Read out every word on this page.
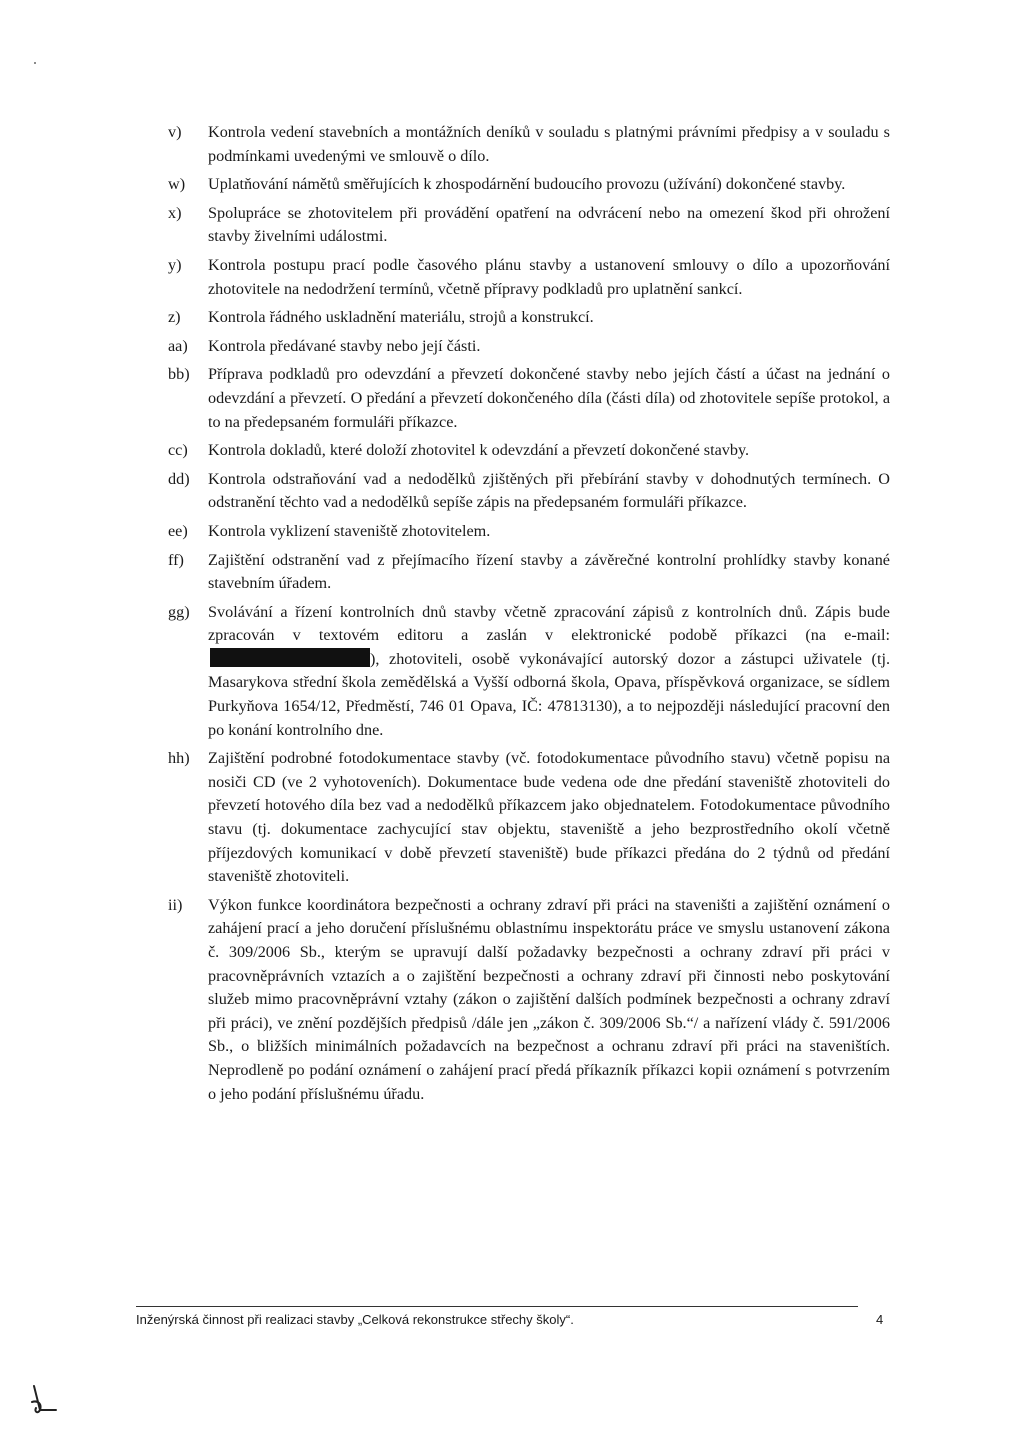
v) Kontrola vedení stavebních a montážních deníků v souladu s platnými právními předpisy a v souladu s podmínkami uvedenými ve smlouvě o dílo.
w) Uplatňování námětů směřujících k zhospodárnění budoucího provozu (užívání) dokončené stavby.
x) Spolupráce se zhotovitelem při provádění opatření na odvrácení nebo na omezení škod při ohrožení stavby živelními událostmi.
y) Kontrola postupu prací podle časového plánu stavby a ustanovení smlouvy o dílo a upozorňování zhotovitele na nedodržení termínů, včetně přípravy podkladů pro uplatnění sankcí.
z) Kontrola řádného uskladnění materiálu, strojů a konstrukcí.
aa) Kontrola předávané stavby nebo její části.
bb) Příprava podkladů pro odevzdání a převzetí dokončené stavby nebo jejích částí a účast na jednání o odevzdání a převzetí. O předání a převzetí dokončeného díla (části díla) od zhotovitele sepíše protokol, a to na předepsaném formuláři příkazce.
cc) Kontrola dokladů, které doloží zhotovitel k odevzdání a převzetí dokončené stavby.
dd) Kontrola odstraňování vad a nedodělků zjištěných při přebírání stavby v dohodnutých termínech. O odstranění těchto vad a nedodělků sepíše zápis na předepsaném formuláři příkazce.
ee) Kontrola vyklizení staveniště zhotovitelem.
ff) Zajištění odstranění vad z přejímacího řízení stavby a závěrečné kontrolní prohlídky stavby konané stavebním úřadem.
gg) Svolávání a řízení kontrolních dnů stavby včetně zpracování zápisů z kontrolních dnů. Zápis bude zpracován v textovém editoru a zaslán v elektronické podobě příkazci (na e-mail:), zhotoviteli, osobě vykonávající autorský dozor a zástupci uživatele (tj. Masarykova střední škola zemědělská a Vyšší odborná škola, Opava, příspěvková organizace, se sídlem Purkyňova 1654/12, Předměstí, 746 01 Opava, IČ: 47813130), a to nejpozději následující pracovní den po konání kontrolního dne.
hh) Zajištění podrobné fotodokumentace stavby (vč. fotodokumentace původního stavu) včetně popisu na nosiči CD (ve 2 vyhotoveních). Dokumentace bude vedena ode dne předání staveniště zhotoviteli do převzetí hotového díla bez vad a nedodělků příkazcem jako objednatelem. Fotodokumentace původního stavu (tj. dokumentace zachycující stav objektu, staveniště a jeho bezprostředního okolí včetně příjezdových komunikací v době převzetí staveniště) bude příkazci předána do 2 týdnů od předání staveniště zhotoviteli.
ii) Výkon funkce koordinátora bezpečnosti a ochrany zdraví při práci na staveništi a zajištění oznámení o zahájení prací a jeho doručení příslušnému oblastnímu inspektorátu práce ve smyslu ustanovení zákona č. 309/2006 Sb., kterým se upravují další požadavky bezpečnosti a ochrany zdraví při práci v pracovněprávních vztazích a o zajištění bezpečnosti a ochrany zdraví při činnosti nebo poskytování služeb mimo pracovněprávní vztahy (zákon o zajištění dalších podmínek bezpečnosti a ochrany zdraví při práci), ve znění pozdějších předpisů /dále jen „zákon č. 309/2006 Sb.“/ a nařízení vlády č. 591/2006 Sb., o bližších minimálních požadavcích na bezpečnost a ochranu zdraví při práci na staveništích. Neprodleně po podání oznámení o zahájení prací předá příkazník příkazci kopii oznámení s potvrzením o jeho podání příslušnému úřadu.
Inženýrská činnost při realizaci stavby „Celková rekonstrukce střechy školy“.	4
